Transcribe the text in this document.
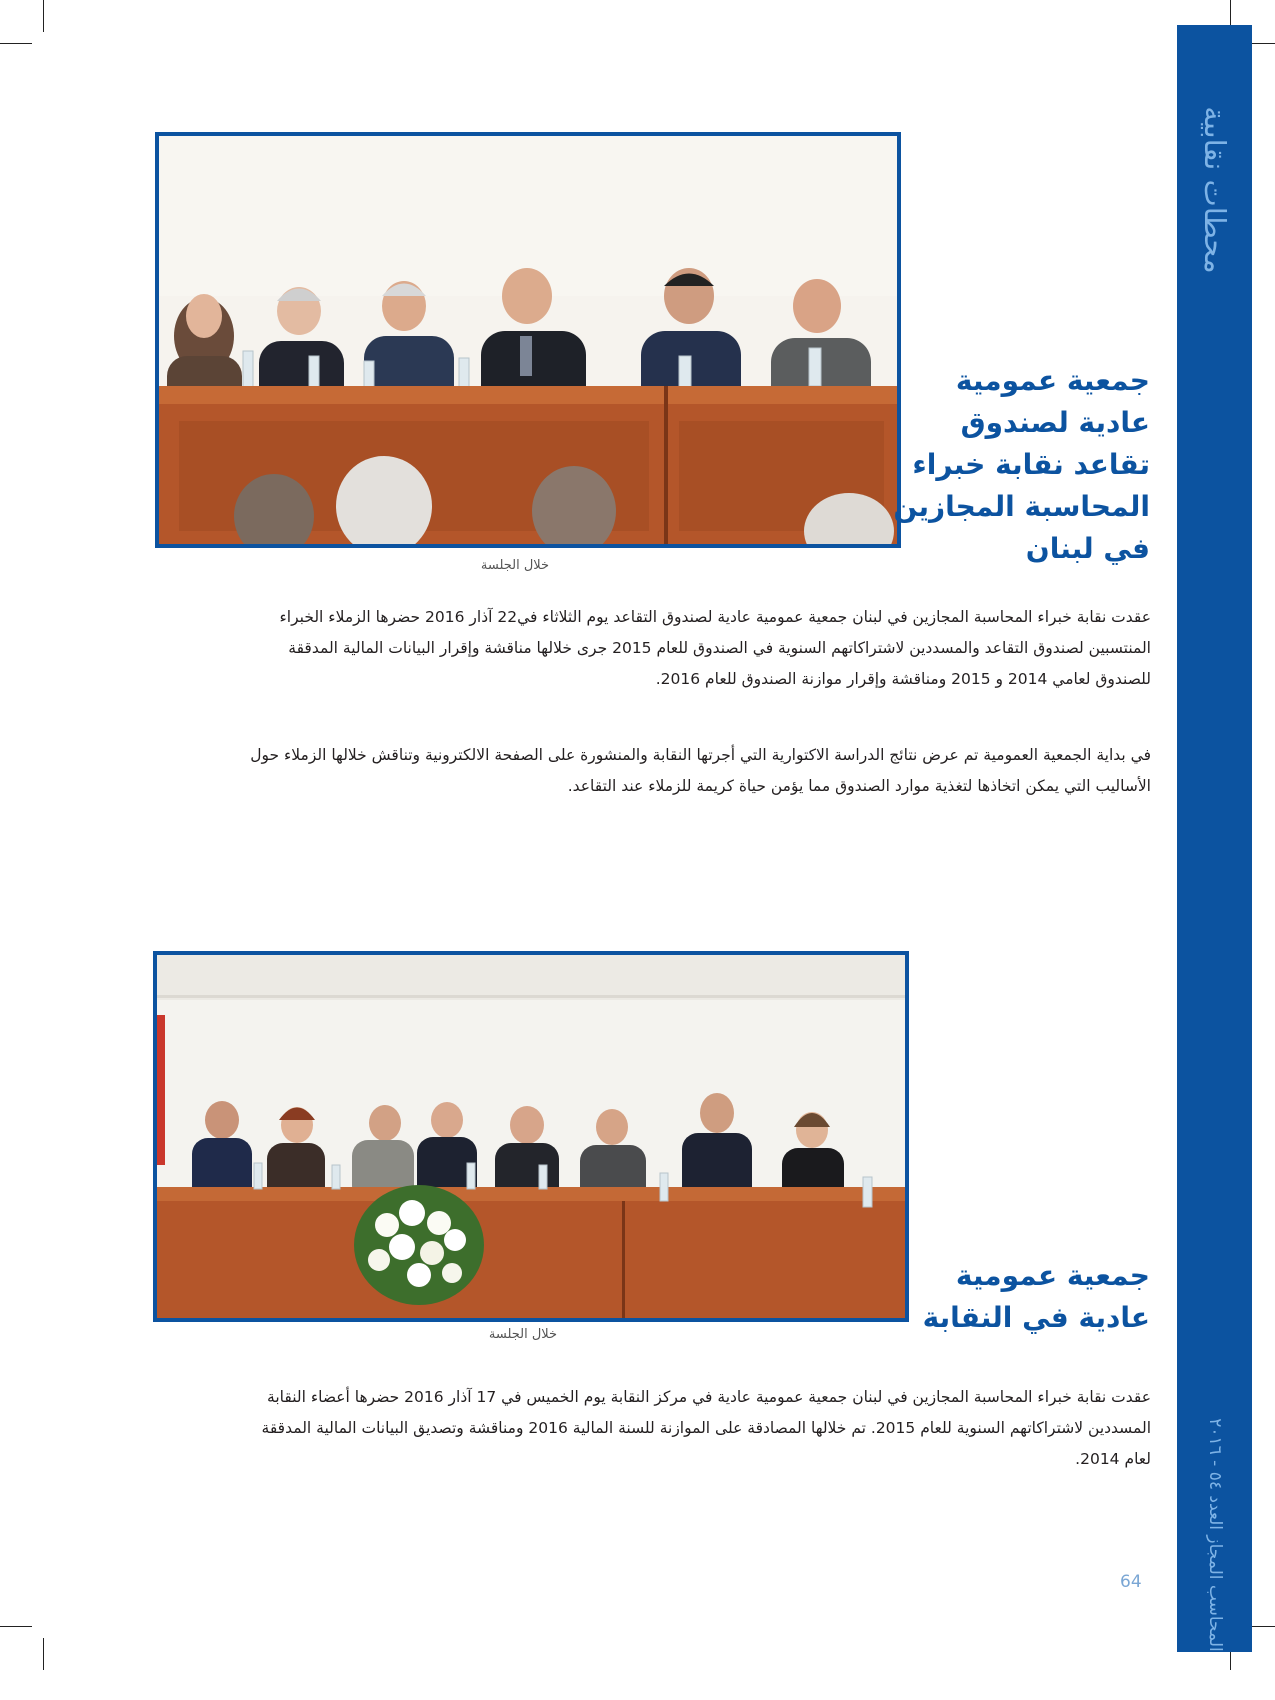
محطات نقابية
المحاسب المجاز العدد ٥٤ - ٢٠١٦
خلال الجلسة
جمعية عمومية
عادية لصندوق
تقاعد نقابة خبراء
المحاسبة المجازين
في لبنان
عقدت نقابة خبراء المحاسبة المجازين في لبنان جمعية عمومية عادية لصندوق التقاعد يوم الثلاثاء في22 آذار 2016 حضرها الزملاء الخبراء
المنتسبين لصندوق التقاعد والمسددين لاشتراكاتهم السنوية في الصندوق للعام 2015 جرى خلالها مناقشة وإقرار البيانات المالية المدققة
للصندوق لعامي 2014 و 2015 ومناقشة وإقرار موازنة الصندوق للعام 2016.
في بداية الجمعية العمومية تم عرض نتائج الدراسة الاكتوارية التي أجرتها النقابة والمنشورة على الصفحة الالكترونية وتناقش خلالها الزملاء حول
الأساليب التي يمكن اتخاذها لتغذية موارد الصندوق مما يؤمن حياة كريمة للزملاء عند التقاعد.
خلال الجلسة
جمعية عمومية
عادية في النقابة
عقدت نقابة خبراء المحاسبة المجازين في لبنان جمعية عمومية عادية في مركز النقابة يوم الخميس في 17 آذار 2016 حضرها أعضاء النقابة
المسددين لاشتراكاتهم السنوية للعام 2015. تم خلالها المصادقة على الموازنة للسنة المالية 2016 ومناقشة وتصديق البيانات المالية المدققة
لعام 2014.
64
